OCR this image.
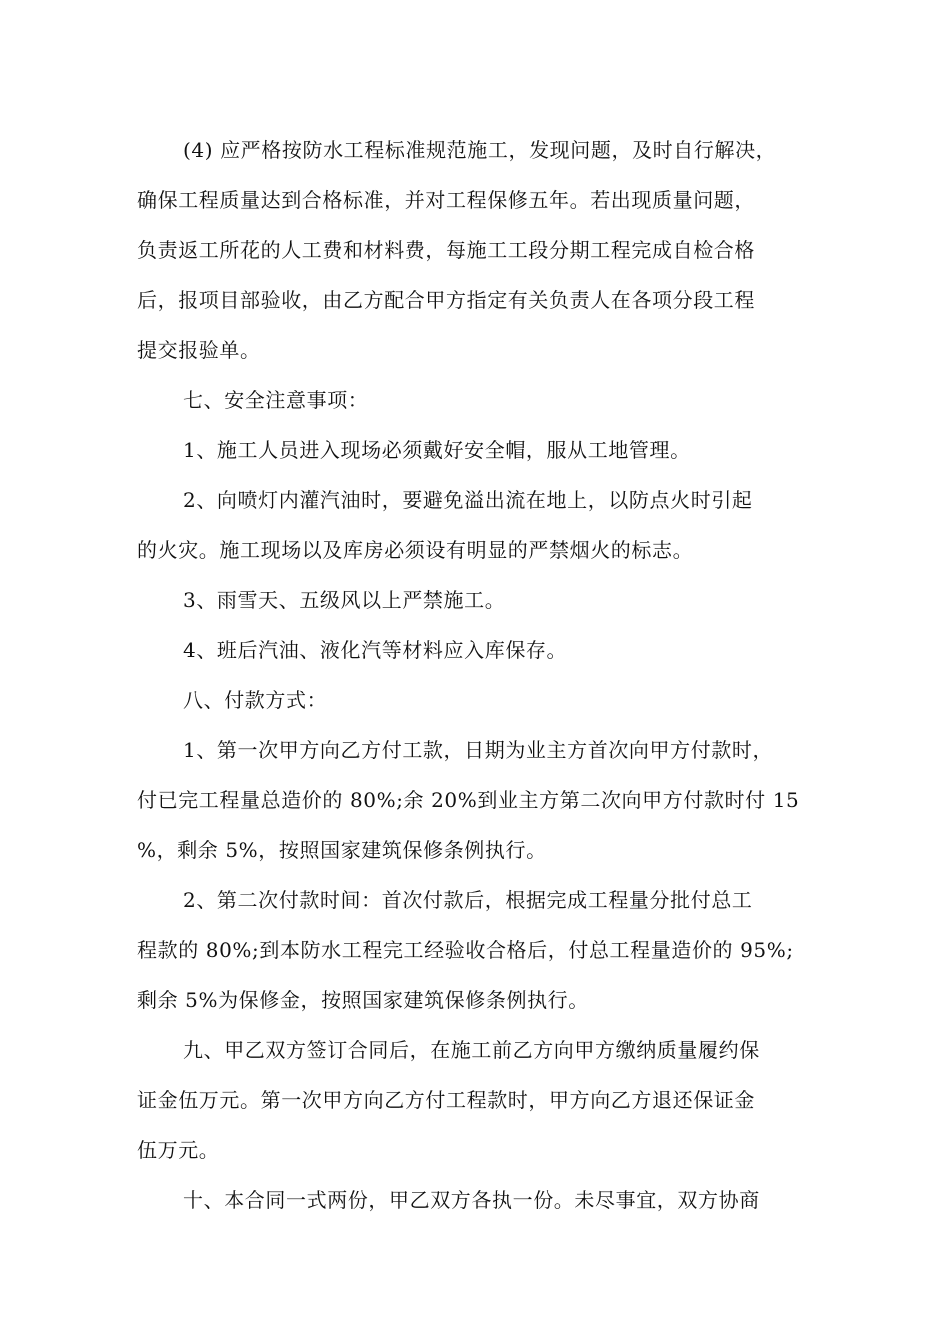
(4) 应严格按防水工程标准规范施工，发现问题，及时自行解决，
确保工程质量达到合格标准，并对工程保修五年。若出现质量问题，
负责返工所花的人工费和材料费，每施工工段分期工程完成自检合格
后，报项目部验收，由乙方配合甲方指定有关负责人在各项分段工程
提交报验单。
七、安全注意事项：
1、施工人员进入现场必须戴好安全帽，服从工地管理。
2、向喷灯内灌汽油时，要避免溢出流在地上，以防点火时引起
的火灾。施工现场以及库房必须设有明显的严禁烟火的标志。
3、雨雪天、五级风以上严禁施工。
4、班后汽油、液化汽等材料应入库保存。
八、付款方式：
1、第一次甲方向乙方付工款，日期为业主方首次向甲方付款时，
付已完工程量总造价的 80%;余 20%到业主方第二次向甲方付款时付 15
%，剩余 5%，按照国家建筑保修条例执行。
2、第二次付款时间：首次付款后，根据完成工程量分批付总工
程款的 80%;到本防水工程完工经验收合格后，付总工程量造价的 95%;
剩余 5%为保修金，按照国家建筑保修条例执行。
九、甲乙双方签订合同后，在施工前乙方向甲方缴纳质量履约保
证金伍万元。第一次甲方向乙方付工程款时，甲方向乙方退还保证金
伍万元。
十、本合同一式两份，甲乙双方各执一份。未尽事宜，双方协商
